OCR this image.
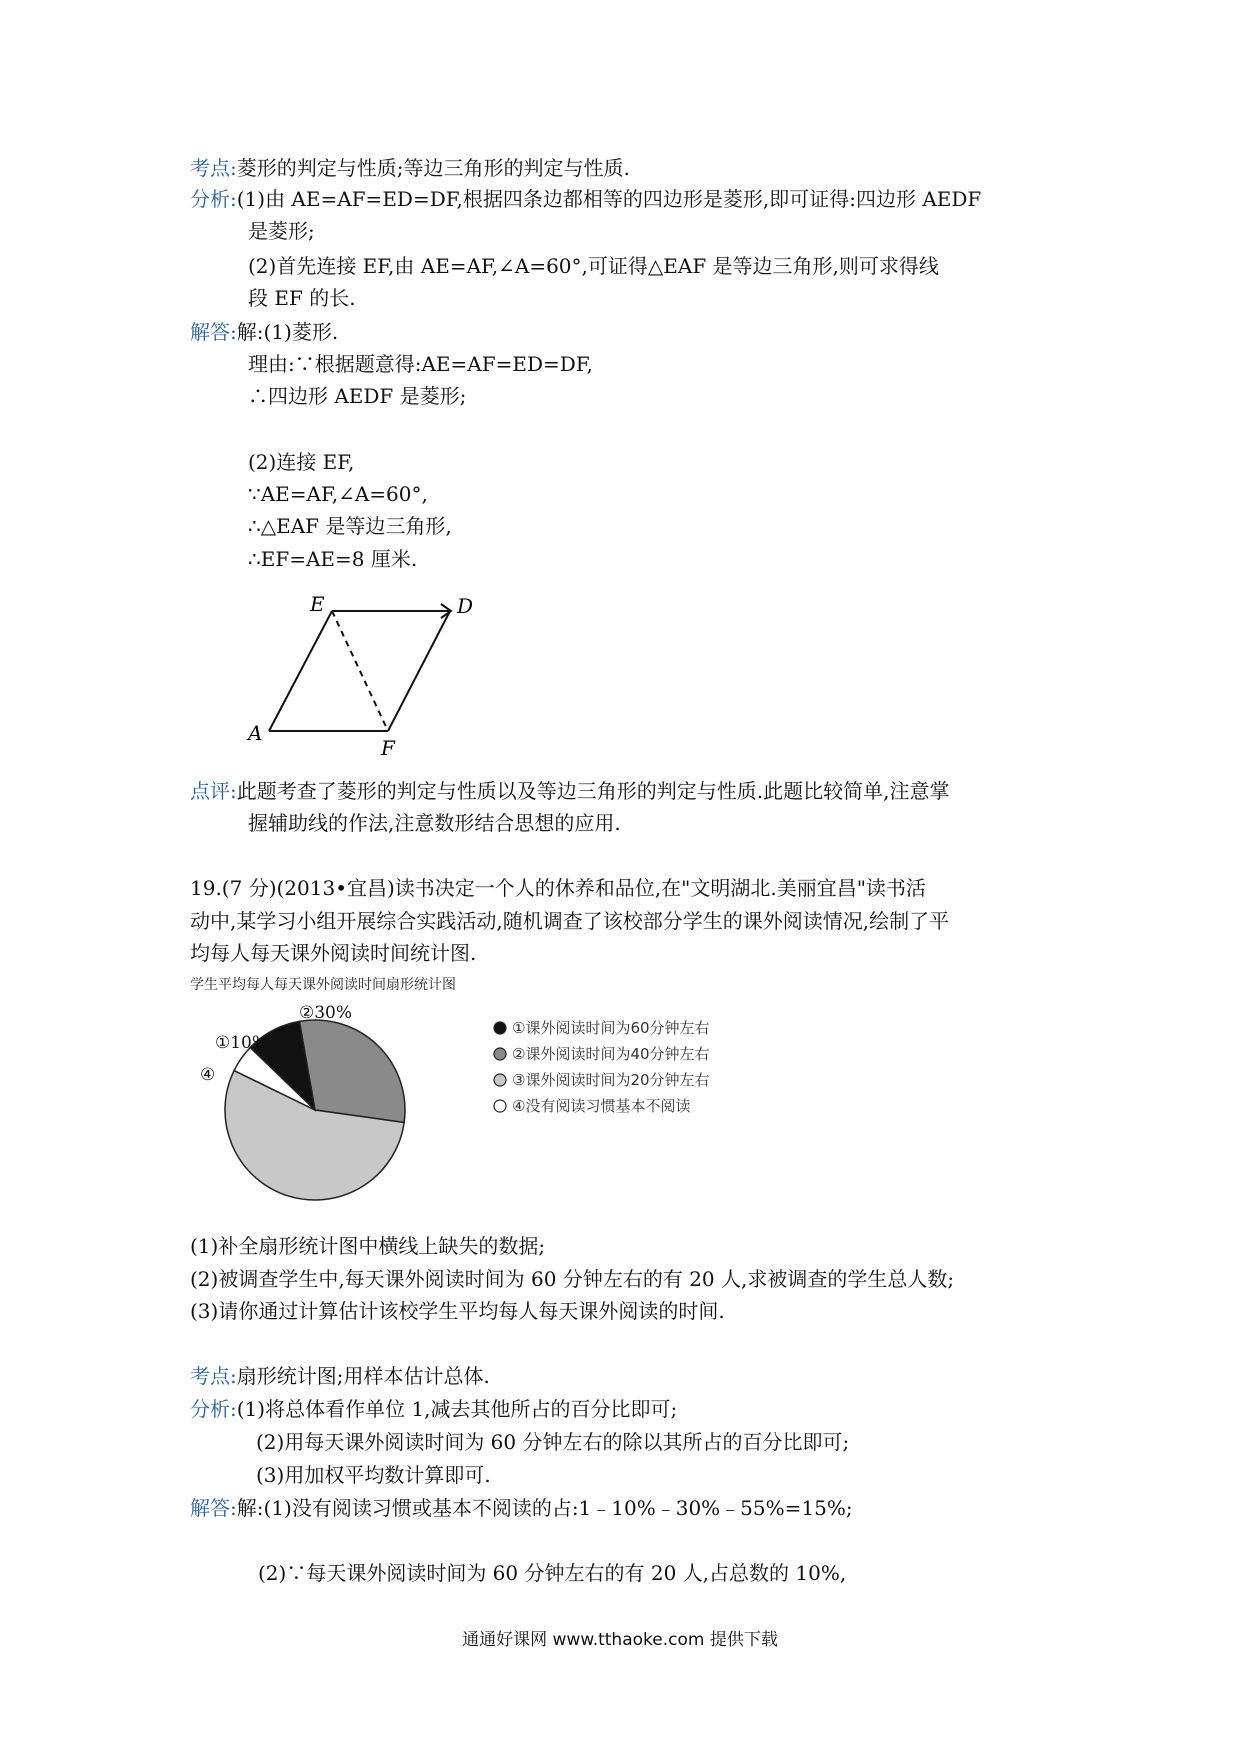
考点:菱形的判定与性质;等边三角形的判定与性质.
分析:(1)由 AE=AF=ED=DF,根据四条边都相等的四边形是菱形,即可证得:四边形 AEDF
是菱形;
(2)首先连接 EF,由 AE=AF,∠A=60°,可证得△EAF 是等边三角形,则可求得线
段 EF 的长.
解答:解:(1)菱形.
理由:∵根据题意得:AE=AF=ED=DF,
∴四边形 AEDF 是菱形;
(2)连接 EF,
∵AE=AF,∠A=60°,
∴△EAF 是等边三角形,
∴EF=AE=8 厘米.
E	D
A
F
点评:此题考查了菱形的判定与性质以及等边三角形的判定与性质.此题比较简单,注意掌
握辅助线的作法,注意数形结合思想的应用.
19.(7 分)(2013•宜昌)读书决定一个人的休养和品位,在"文明湖北.美丽宜昌"读书活
动中,某学习小组开展综合实践活动,随机调查了该校部分学生的课外阅读情况,绘制了平
均每人每天课外阅读时间统计图.
学生平均每人每天课外阅读时间扇形统计图
①10%
②30%
④
①课外阅读时间为60分钟左右
②课外阅读时间为40分钟左右
③课外阅读时间为20分钟左右
④没有阅读习惯基本不阅读
(1)补全扇形统计图中横线上缺失的数据;
(2)被调查学生中,每天课外阅读时间为 60 分钟左右的有 20 人,求被调查的学生总人数;
(3)请你通过计算估计该校学生平均每人每天课外阅读的时间.
考点:扇形统计图;用样本估计总体.
分析:(1)将总体看作单位 1,减去其他所占的百分比即可;
(2)用每天课外阅读时间为 60 分钟左右的除以其所占的百分比即可;
(3)用加权平均数计算即可.
解答:解:(1)没有阅读习惯或基本不阅读的占:1﹣10%﹣30%﹣55%=15%;
(2)∵每天课外阅读时间为 60 分钟左右的有 20 人,占总数的 10%,
通通好课网 www.tthaoke.com 提供下载
